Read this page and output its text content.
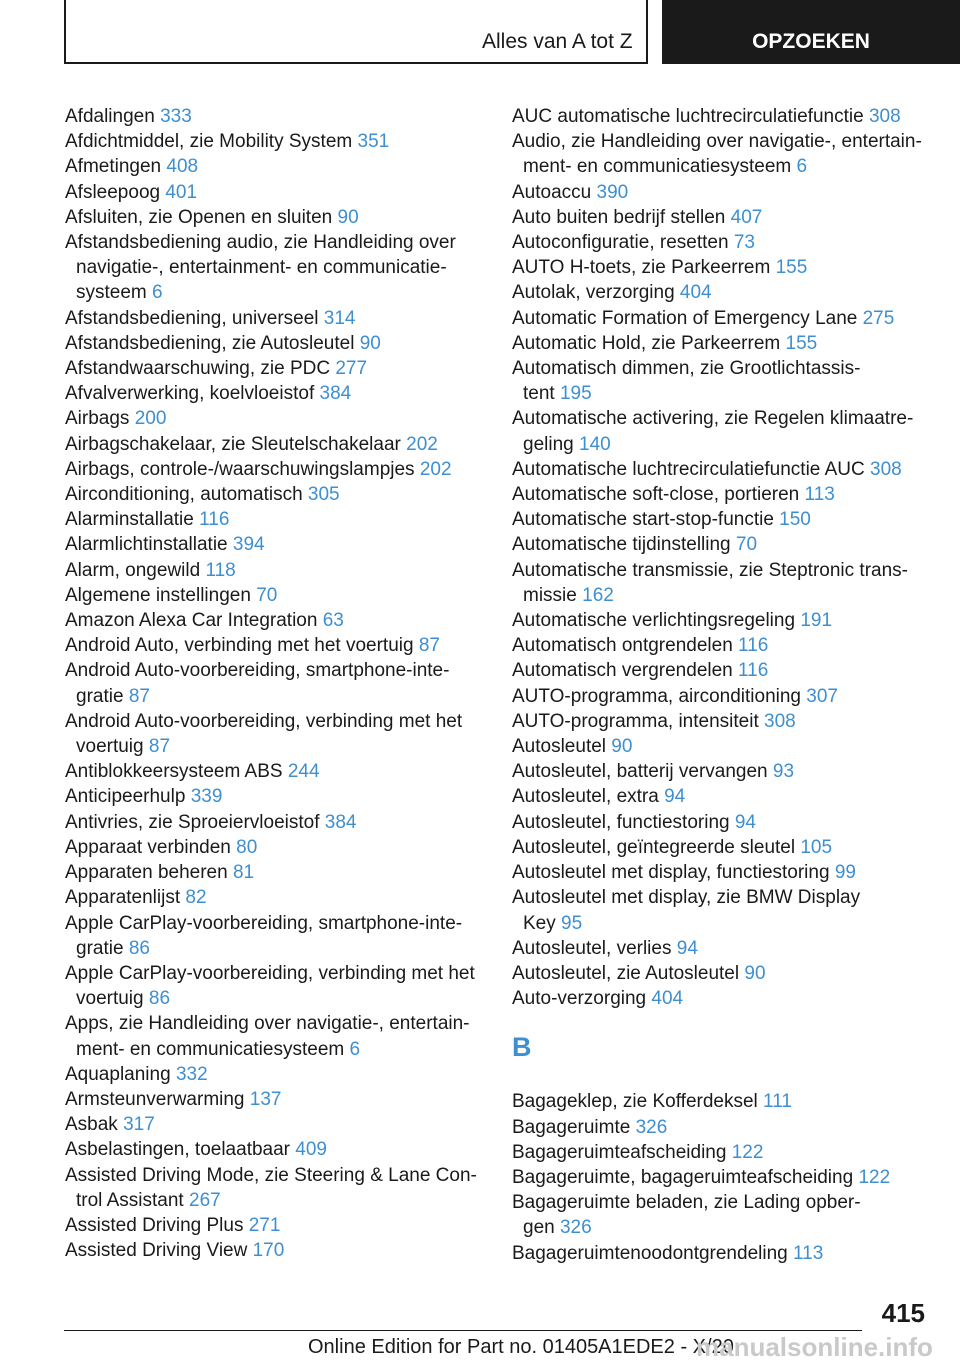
Alles van A tot Z	OPZOEKEN
Afdalingen 333
Afdichtmiddel, zie Mobility System 351
Afmetingen 408
Afsleepoog 401
Afsluiten, zie Openen en sluiten 90
Afstandsbediening audio, zie Handleiding over
navigatie-, entertainment- en communicatie-
systeem 6
Afstandsbediening, universeel 314
Afstandsbediening, zie Autosleutel 90
Afstandwaarschuwing, zie PDC 277
Afvalverwerking, koelvloeistof 384
Airbags 200
Airbagschakelaar, zie Sleutelschakelaar 202
Airbags, controle-/waarschuwingslampjes 202
Airconditioning, automatisch 305
Alarminstallatie 116
Alarmlichtinstallatie 394
Alarm, ongewild 118
Algemene instellingen 70
Amazon Alexa Car Integration 63
Android Auto, verbinding met het voertuig 87
Android Auto-voorbereiding, smartphone-inte-
gratie 87
Android Auto-voorbereiding, verbinding met het
voertuig 87
Antiblokkeersysteem ABS 244
Anticipeerhulp 339
Antivries, zie Sproeiervloeistof 384
Apparaat verbinden 80
Apparaten beheren 81
Apparatenlijst 82
Apple CarPlay-voorbereiding, smartphone-inte-
gratie 86
Apple CarPlay-voorbereiding, verbinding met het
voertuig 86
Apps, zie Handleiding over navigatie-, entertain-
ment- en communicatiesysteem 6
Aquaplaning 332
Armsteunverwarming 137
Asbak 317
Asbelastingen, toelaatbaar 409
Assisted Driving Mode, zie Steering & Lane Con-
trol Assistant 267
Assisted Driving Plus 271
Assisted Driving View 170
AUC automatische luchtrecirculatiefunctie 308
Audio, zie Handleiding over navigatie-, entertain-
ment- en communicatiesysteem 6
Autoaccu 390
Auto buiten bedrijf stellen 407
Autoconfiguratie, resetten 73
AUTO H-toets, zie Parkeerrem 155
Autolak, verzorging 404
Automatic Formation of Emergency Lane 275
Automatic Hold, zie Parkeerrem 155
Automatisch dimmen, zie Grootlichtassis-
tent 195
Automatische activering, zie Regelen klimaatre-
geling 140
Automatische luchtrecirculatiefunctie AUC 308
Automatische soft-close, portieren 113
Automatische start-stop-functie 150
Automatische tijdinstelling 70
Automatische transmissie, zie Steptronic trans-
missie 162
Automatische verlichtingsregeling 191
Automatisch ontgrendelen 116
Automatisch vergrendelen 116
AUTO-programma, airconditioning 307
AUTO-programma, intensiteit 308
Autosleutel 90
Autosleutel, batterij vervangen 93
Autosleutel, extra 94
Autosleutel, functiestoring 94
Autosleutel, geïntegreerde sleutel 105
Autosleutel met display, functiestoring 99
Autosleutel met display, zie BMW Display
Key 95
Autosleutel, verlies 94
Autosleutel, zie Autosleutel 90
Auto-verzorging 404
B
Bagageklep, zie Kofferdeksel 111
Bagageruimte 326
Bagageruimteafscheiding 122
Bagageruimte, bagageruimteafscheiding 122
Bagageruimte beladen, zie Lading opber-
gen 326
Bagageruimtenoodontgrendeling 113
415
Online Edition for Part no. 01405A1EDE2 - X/20
manualsonline.info
